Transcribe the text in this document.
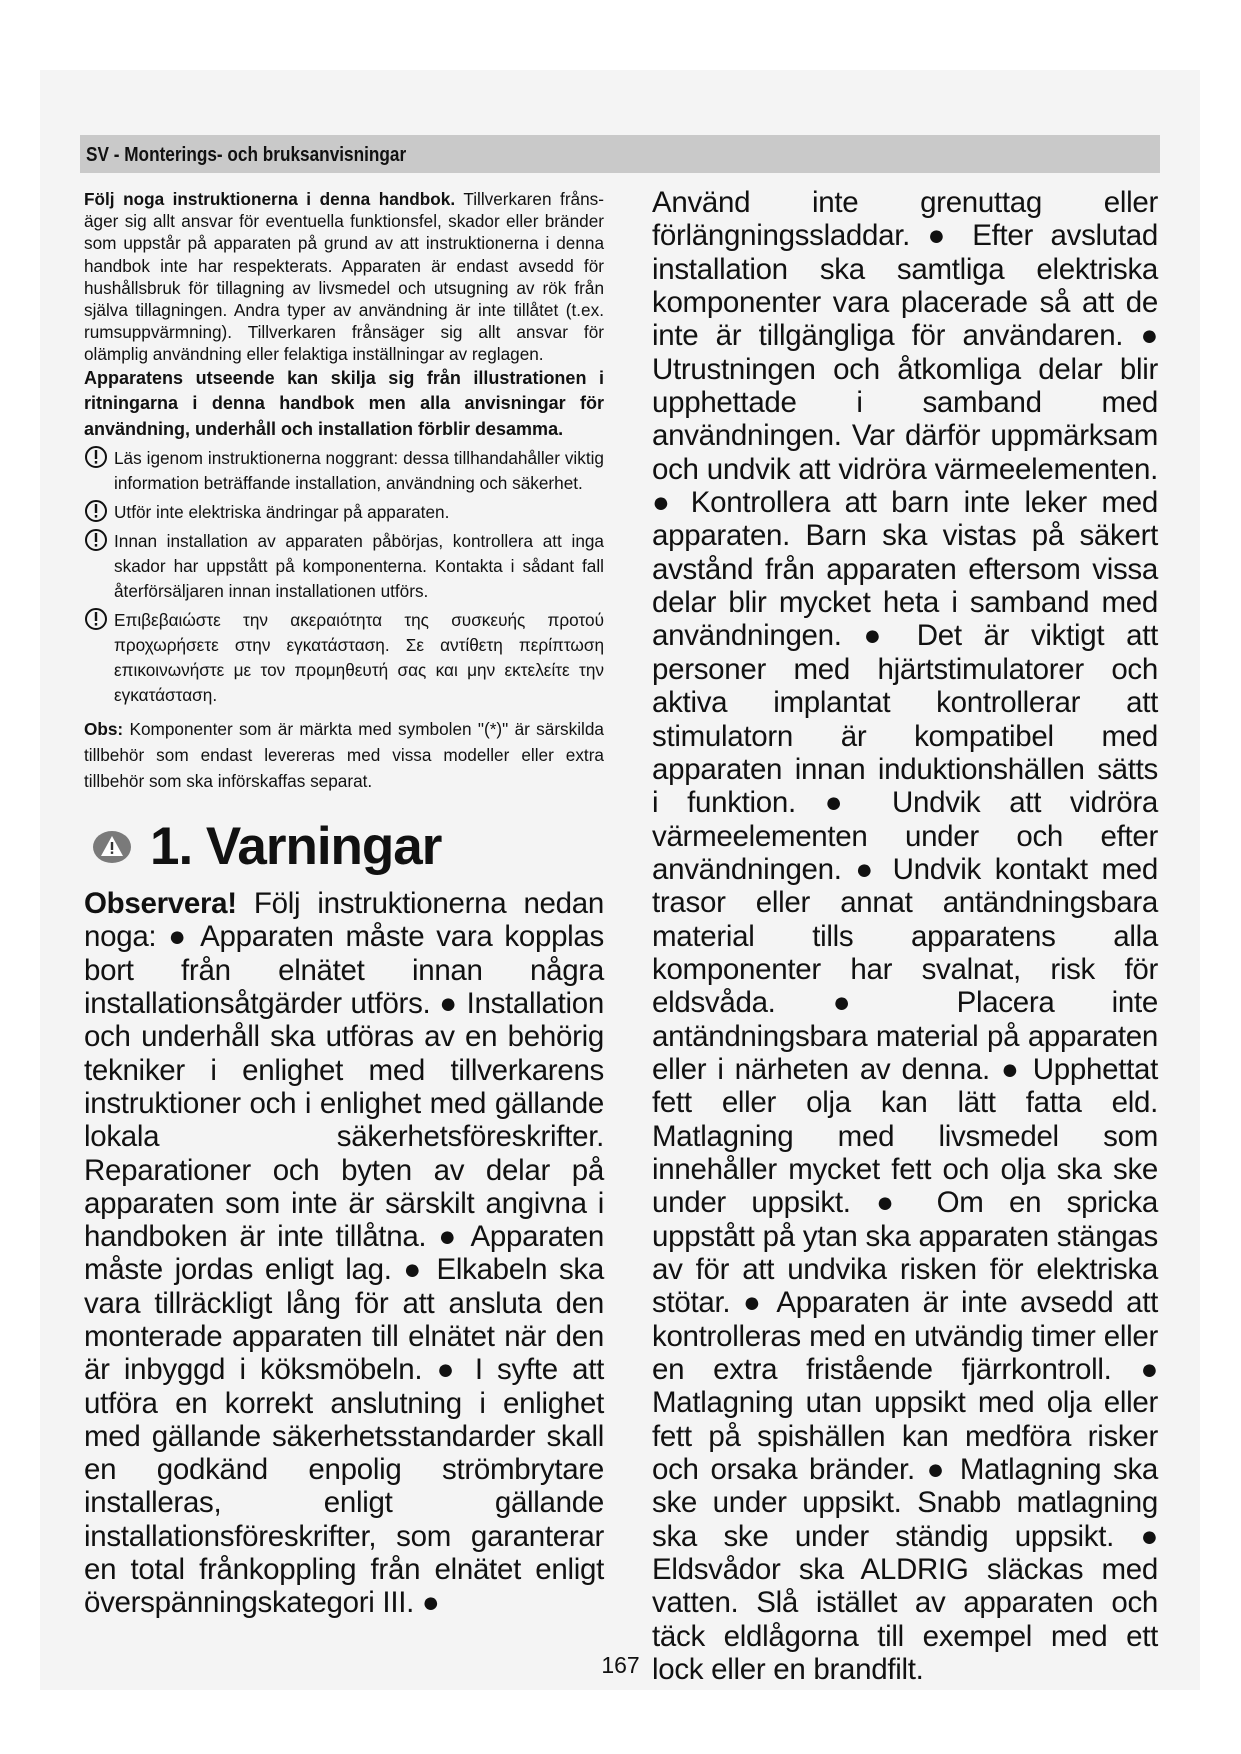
SV - Monterings- och bruksanvisningar

Följ noga instruktionerna i denna handbok. Tillverkaren frånsäger sig allt ansvar för eventuella funktionsfel, skador eller bränder som uppstår på apparaten på grund av att instruktionerna i denna handbok inte har respekterats. Apparaten är endast avsedd för hushållsbruk för tillagning av livsmedel och utsugning av rök från själva tillagningen. Andra typer av användning är inte tillåtet (t.ex. rumsuppvärmning). Tillverkaren frånsäger sig allt ansvar för olämplig användning eller felaktiga inställningar av reglagen.

Apparatens utseende kan skilja sig från illustrationen i ritningarna i denna handbok men alla anvisningar för användning, underhåll och installation förblir desamma.

Läs igenom instruktionerna noggrant: dessa tillhandahåller viktig information beträffande installation, användning och säkerhet.

Utför inte elektriska ändringar på apparaten.

Innan installation av apparaten påbörjas, kontrollera att inga skador har uppstått på komponenterna. Kontakta i sådant fall återförsäljaren innan installationen utförs.

Επιβεβαιώστε την ακεραιότητα της συσκευής προτού προχωρήσετε στην εγκατάσταση. Σε αντίθετη περίπτωση επικοινωνήστε με τον προμηθευτή σας και μην εκτελείτε την εγκατάσταση.

Obs: Komponenter som är märkta med symbolen "(*)" är särskilda tillbehör som endast levereras med vissa modeller eller extra tillbehör som ska införskaffas separat.

1. Varningar

Observera! Följ instruktionerna nedan noga: ● Apparaten måste vara kopplas bort från elnätet innan några installationsåtgärder utförs. ● Installation och underhåll ska utföras av en behörig tekniker i enlighet med tillverkarens instruktioner och i enlighet med gällande lokala säkerhetsföreskrifter. Reparationer och byten av delar på apparaten som inte är särskilt angivna i handboken är inte tillåtna. ● Apparaten måste jordas enligt lag. ● Elkabeln ska vara tillräckligt lång för att ansluta den monterade apparaten till elnätet när den är inbyggd i köksmöbeln. ● I syfte att utföra en korrekt anslutning i enlighet med gällande säkerhetsstandarder skall en godkänd enpolig strömbrytare installeras, enligt gällande installationsföreskrifter, som garanterar en total frånkoppling från elnätet enligt överspänningskategori III. ●

Använd inte grenuttag eller förlängningssladdar. ● Efter avslutad installation ska samtliga elektriska komponenter vara placerade så att de inte är tillgängliga för användaren. ● Utrustningen och åtkomliga delar blir upphettade i samband med användningen. Var därför uppmärksam och undvik att vidröra värmeelementen. ● Kontrollera att barn inte leker med apparaten. Barn ska vistas på säkert avstånd från apparaten eftersom vissa delar blir mycket heta i samband med användningen. ● Det är viktigt att personer med hjärtstimulatorer och aktiva implantat kontrollerar att stimulatorn är kompatibel med apparaten innan induktionshällen sätts i funktion. ● Undvik att vidröra värmeelementen under och efter användningen. ● Undvik kontakt med trasor eller annat antändningsbara material tills apparatens alla komponenter har svalnat, risk för eldsvåda. ● Placera inte antändningsbara material på apparaten eller i närheten av denna. ● Upphettat fett eller olja kan lätt fatta eld. Matlagning med livsmedel som innehåller mycket fett och olja ska ske under uppsikt. ● Om en spricka uppstått på ytan ska apparaten stängas av för att undvika risken för elektriska stötar. ● Apparaten är inte avsedd att kontrolleras med en utvändig timer eller en extra fristående fjärrkontroll. ● Matlagning utan uppsikt med olja eller fett på spishällen kan medföra risker och orsaka bränder. ● Matlagning ska ske under uppsikt. Snabb matlagning ska ske under ständig uppsikt. ● Eldsvådor ska ALDRIG släckas med vatten. Slå istället av apparaten och täck eldlågorna till exempel med ett lock eller en brandfilt.

167
